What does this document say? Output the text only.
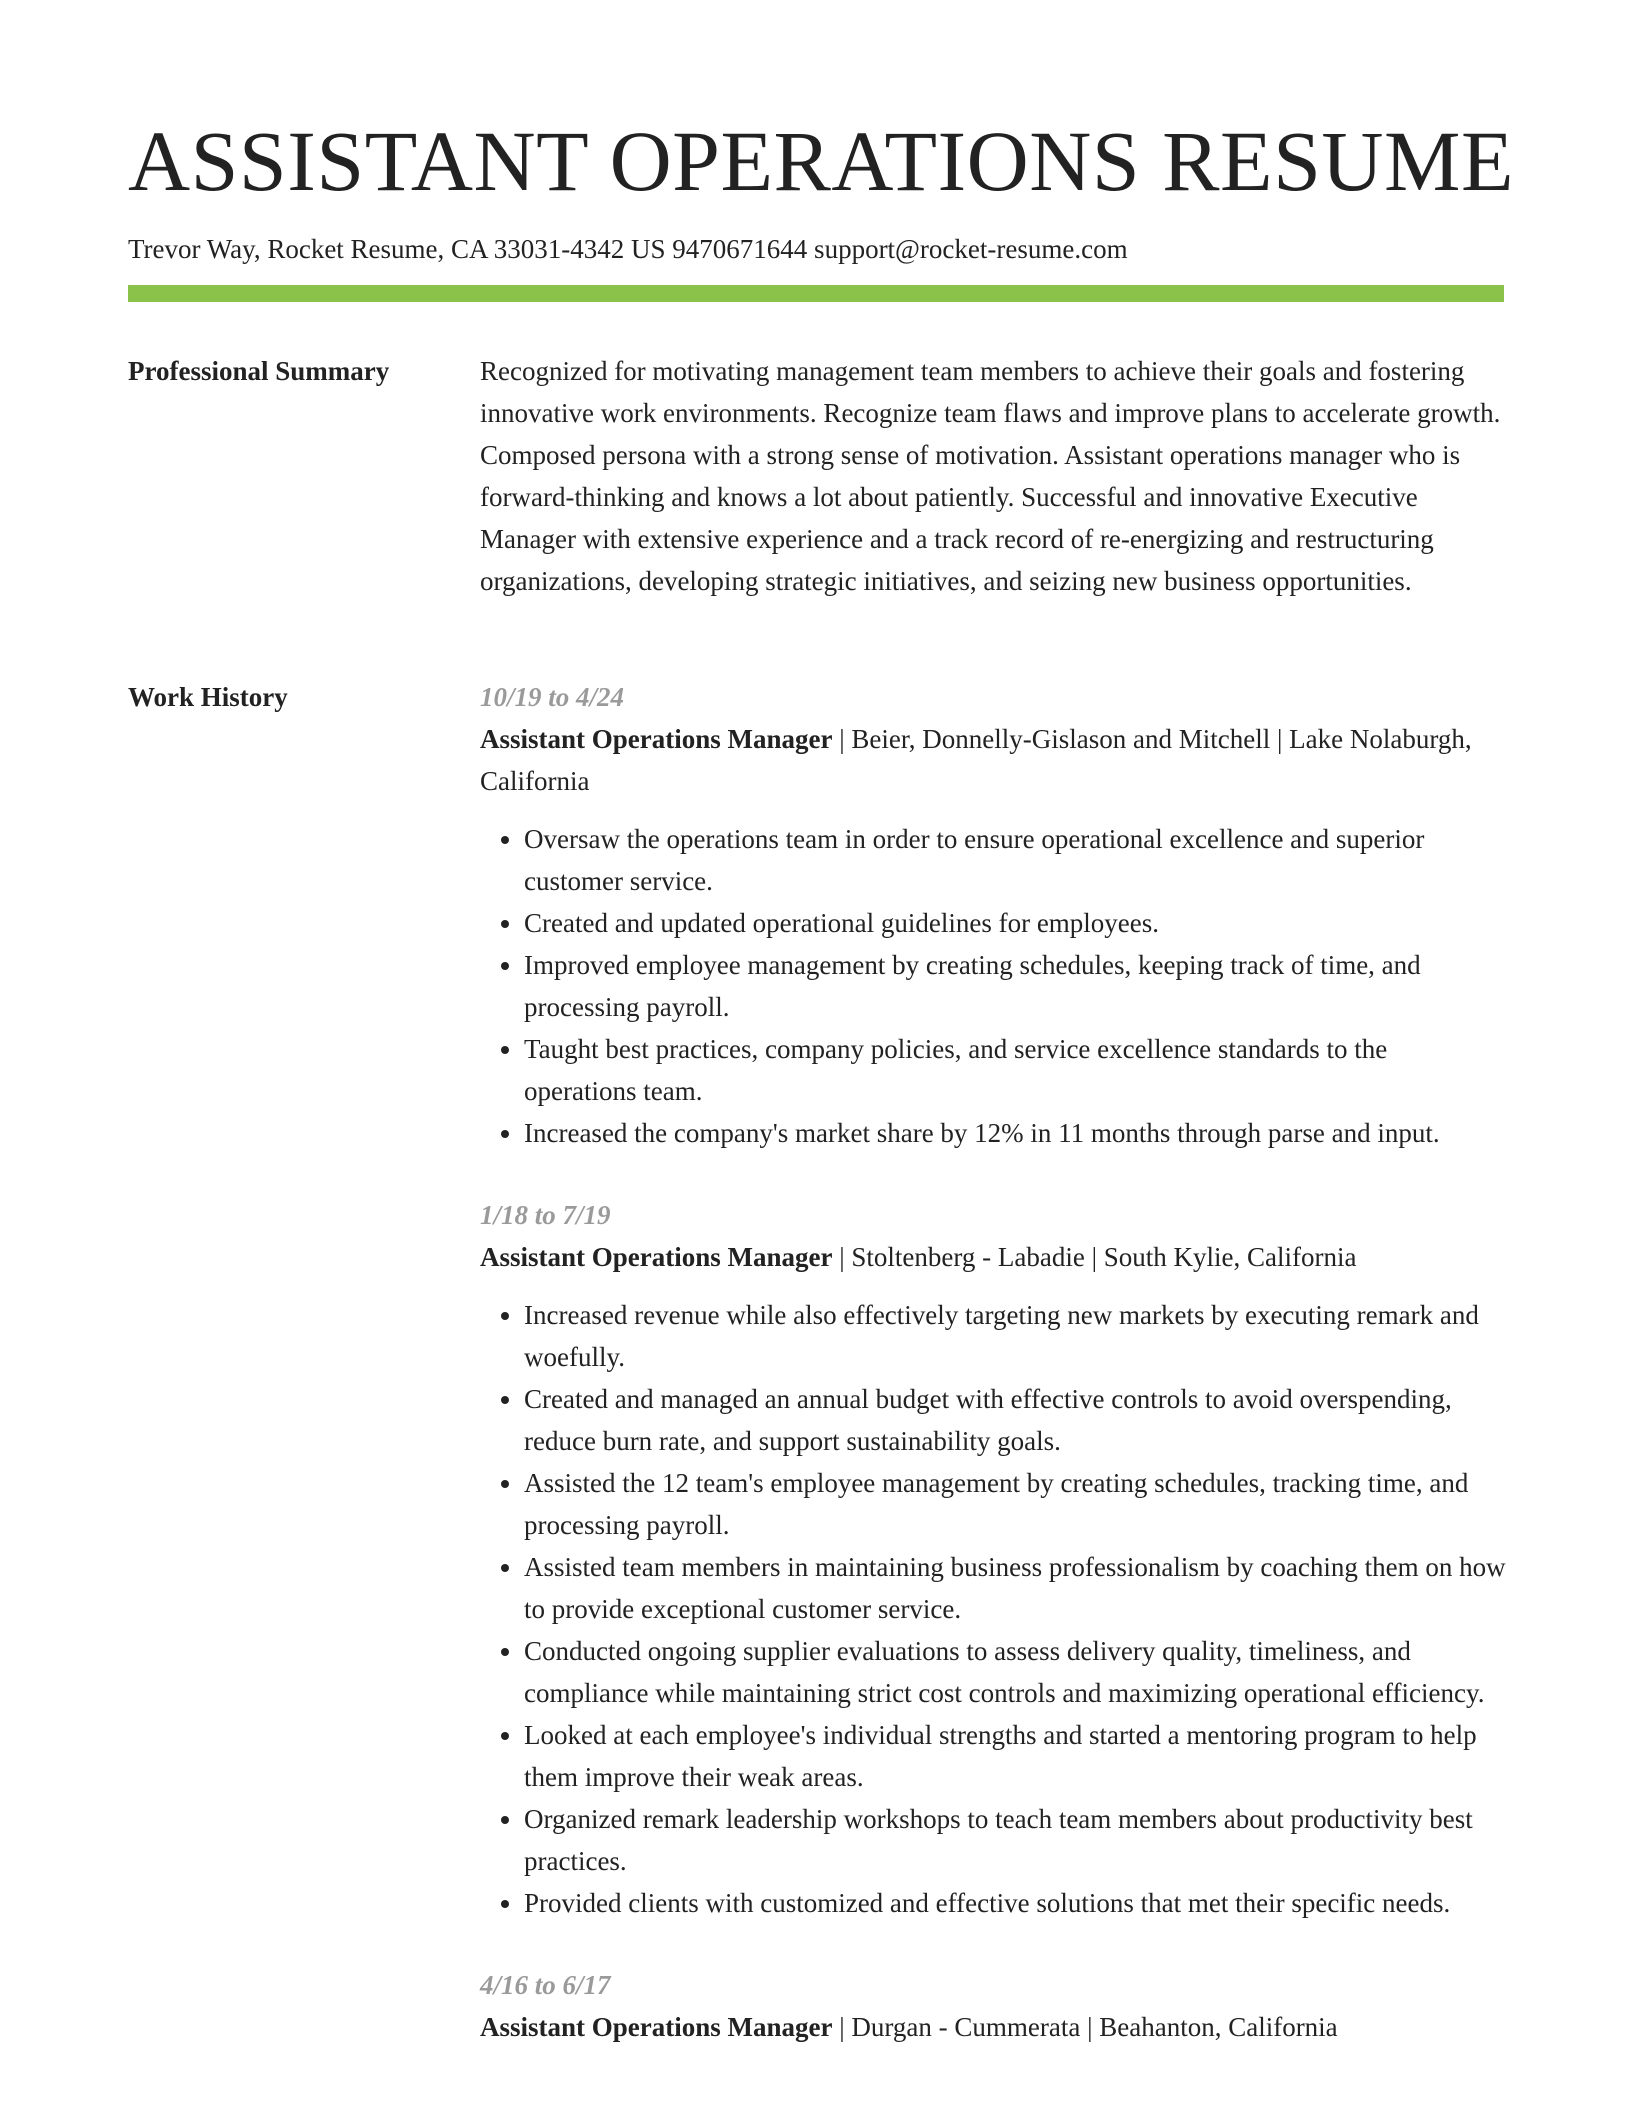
ASSISTANT OPERATIONS RESUME
Trevor Way, Rocket Resume, CA 33031-4342 US 9470671644 support@rocket-resume.com
Professional Summary	Recognized for motivating management team members to achieve their goals and fostering innovative work environments. Recognize team flaws and improve plans to accelerate growth. Composed persona with a strong sense of motivation. Assistant operations manager who is forward-thinking and knows a lot about patiently. Successful and innovative Executive Manager with extensive experience and a track record of re-energizing and restructuring organizations, developing strategic initiatives, and seizing new business opportunities.

Work History	10/19 to 4/24
Assistant Operations Manager | Beier, Donnelly-Gislason and Mitchell | Lake Nolaburgh, California
• Oversaw the operations team in order to ensure operational excellence and superior customer service.
• Created and updated operational guidelines for employees.
• Improved employee management by creating schedules, keeping track of time, and processing payroll.
• Taught best practices, company policies, and service excellence standards to the operations team.
• Increased the company's market share by 12% in 11 months through parse and input.
1/18 to 7/19
Assistant Operations Manager | Stoltenberg - Labadie | South Kylie, California
• Increased revenue while also effectively targeting new markets by executing remark and woefully.
• Created and managed an annual budget with effective controls to avoid overspending, reduce burn rate, and support sustainability goals.
• Assisted the 12 team's employee management by creating schedules, tracking time, and processing payroll.
• Assisted team members in maintaining business professionalism by coaching them on how to provide exceptional customer service.
• Conducted ongoing supplier evaluations to assess delivery quality, timeliness, and compliance while maintaining strict cost controls and maximizing operational efficiency.
• Looked at each employee's individual strengths and started a mentoring program to help them improve their weak areas.
• Organized remark leadership workshops to teach team members about productivity best practices.
• Provided clients with customized and effective solutions that met their specific needs.
4/16 to 6/17
Assistant Operations Manager | Durgan - Cummerata | Beahanton, California
